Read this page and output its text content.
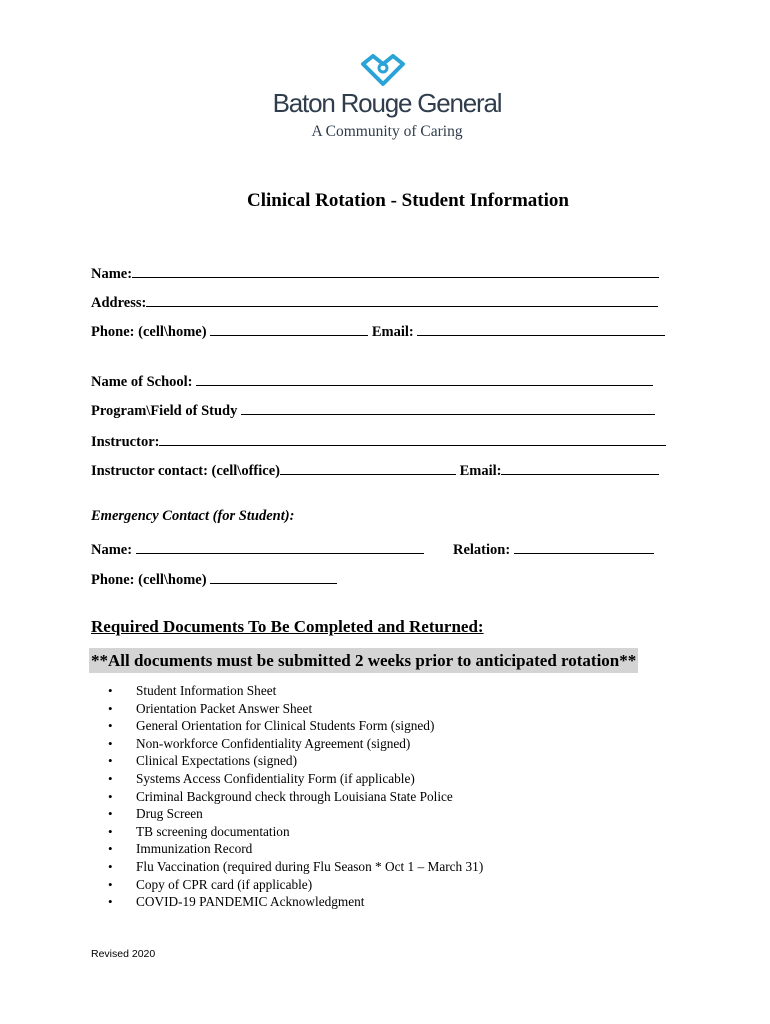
Baton Rouge General
A Community of Caring
Clinical Rotation - Student Information
Name:
Address:
Phone: (cell\home)	Email:
Name of School:
Program\Field of Study
Instructor:
Instructor contact: (cell\office)	Email:
Emergency Contact (for Student):
Name:	Relation:
Phone: (cell\home)
Required Documents To Be Completed and Returned:
**All documents must be submitted 2 weeks prior to anticipated rotation**
• Student Information Sheet
• Orientation Packet Answer Sheet
• General Orientation for Clinical Students Form (signed)
• Non-workforce Confidentiality Agreement (signed)
• Clinical Expectations (signed)
• Systems Access Confidentiality Form (if applicable)
• Criminal Background check through Louisiana State Police
• Drug Screen
• TB screening documentation
• Immunization Record
• Flu Vaccination (required during Flu Season * Oct 1 – March 31)
• Copy of CPR card (if applicable)
• COVID-19 PANDEMIC Acknowledgment
Revised 2020
